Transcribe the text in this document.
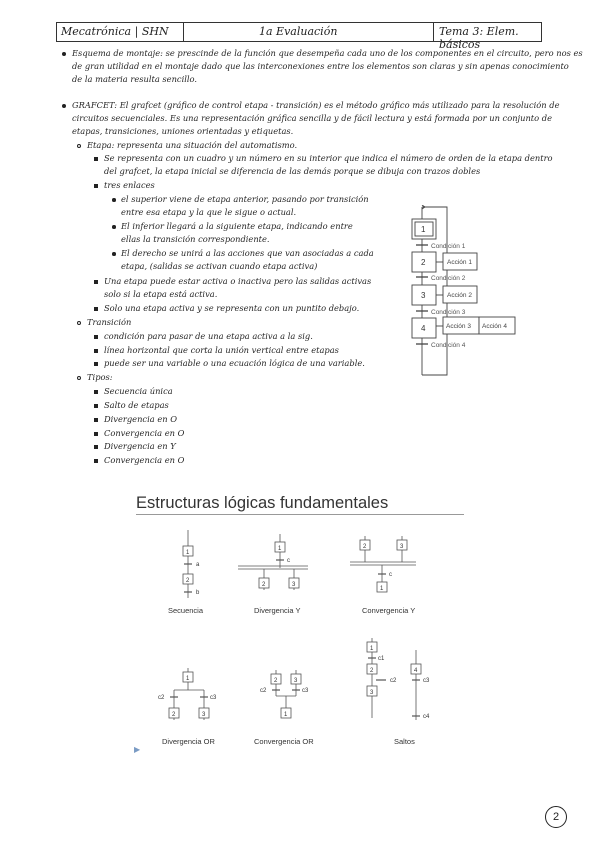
Mecatrónica | SHN	1a Evaluación	Tema 3: Elem. básicos
Esquema de montaje: se prescinde de la función que desempeña cada uno de los componentes en el circuito, pero nos es
de gran utilidad en el montaje dado que las interconexiones entre los elementos son claras y sin apenas conocimiento
de la materia resulta sencillo.
GRAFCET: El grafcet (gráfico de control etapa - transición) es el método gráfico más utilizado para la resolución de
circuitos secuenciales. Es una representación gráfica sencilla y de fácil lectura y está formada por un conjunto de
etapas, transiciones, uniones orientadas y etiquetas.
Etapa: representa una situación del automatismo.
Se representa con un cuadro y un número en su interior que indica el número de orden de la etapa dentro
del grafcet, la etapa inicial se diferencia de las demás porque se dibuja con trazos dobles
tres enlaces
el superior viene de etapa anterior, pasando por transición
entre esa etapa y la que le sigue o actual.
El inferior llegará a la siguiente etapa, indicando entre
ellas la transición correspondiente.
El derecho se unirá a las acciones que van asociadas a cada
etapa, (salidas se activan cuando etapa activa)
Una etapa puede estar activa o inactiva pero las salidas activas
solo si la etapa está activa.
Solo una etapa activa y se representa con un puntito debajo.
Transición
condición para pasar de una etapa activa a la sig.
línea horizontal que corta la unión vertical entre etapas
puede ser una variable o una ecuación lógica de una variable.
Tipos:
Secuencia única
Salto de etapas
Divergencia en O
Convergencia en O
Divergencia en Y
Convergencia en O
1
Condición 1
2	Acción 1
Condición 2
3	Acción 2
Condición 3
4	Acción 3 Acción 4
Condición 4
Estructuras lógicas fundamentales
1
a
2
b
Secuencia
1
c
2	3
Divergencia Y
2	3
c
1
Convergencia Y
1
c2	c3
2	3
Divergencia OR
2	3
c2	c3
1
Convergencia OR
1
c1
2
c2
3
4
c3
c4
Saltos
▶
2
